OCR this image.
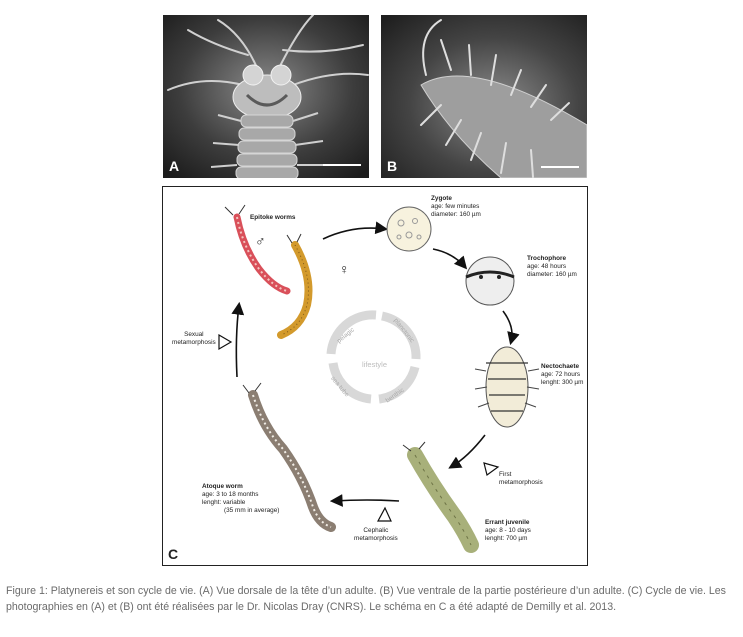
A	B
lifestyle
pelagic	planctonic
benthic
sea tube
Epitoke worms
♂
♀
Zygote
age: few minutes
diameter: 160 µm
Trochophore
age: 48 hours
diameter: 160 µm
Nectochaete
age: 72 hours
lenght: 300 µm
First
metamorphosis
Errant juvenile
age: 8 - 10 days
lenght: 700 µm
Cephalic
metamorphosis
Atoque worm
age: 3 to 18 months
lenght: variable
(35 mm in average)
Sexual
metamorphosis
C
Figure 1: Platynereis et son cycle de vie. (A) Vue dorsale de la tête d’un adulte. (B) Vue ventrale de la partie postérieure d’un adulte. (C) Cycle de vie. Les photographies en (A) et (B) ont été réalisées par le Dr. Nicolas Dray (CNRS). Le schéma en C a été adapté de Demilly et al. 2013.
